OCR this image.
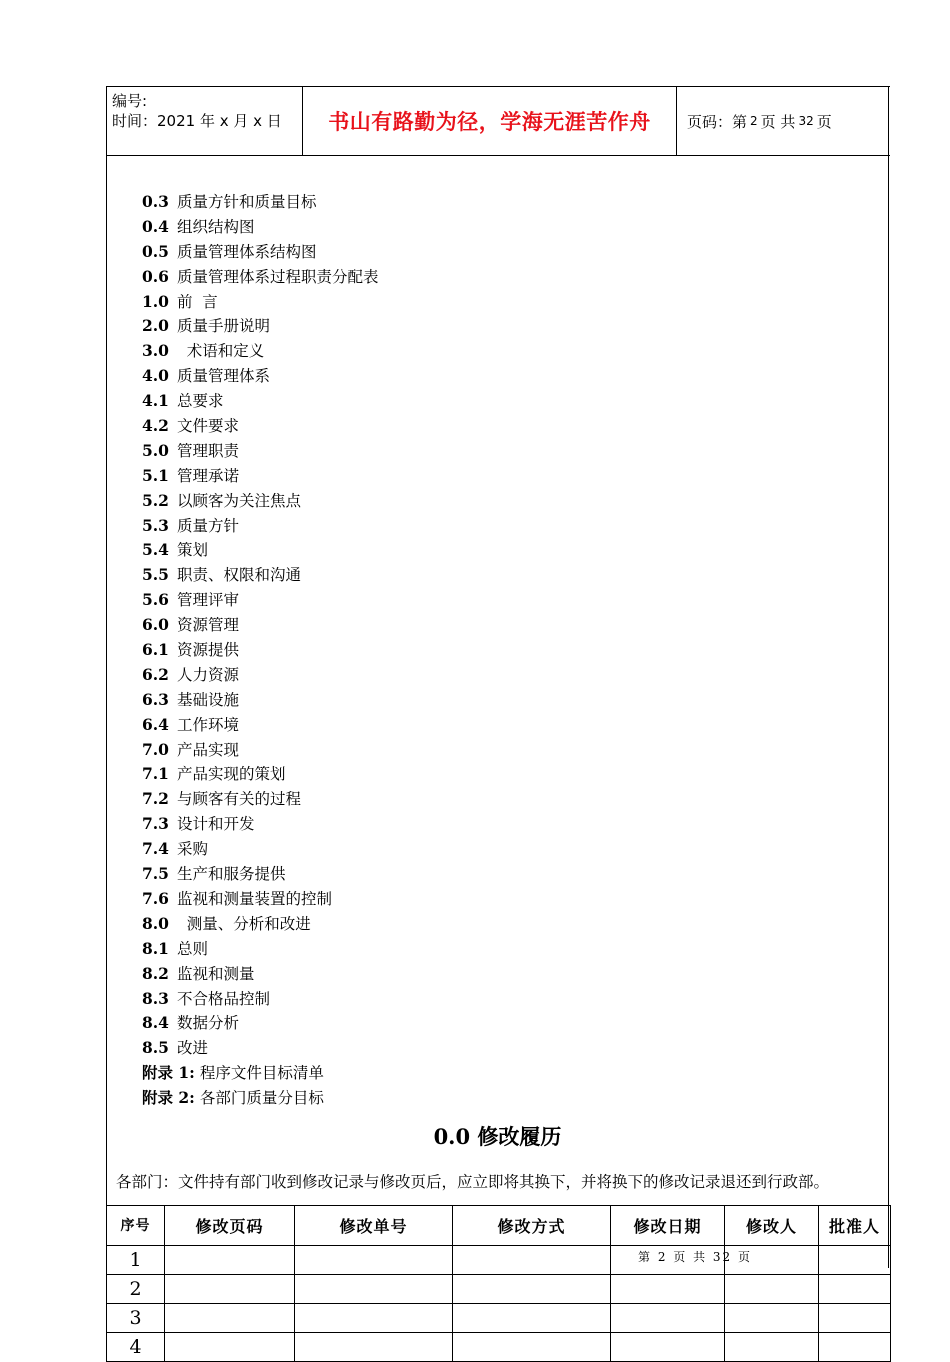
编号:
时间：2021 年 x 月 x 日	书山有路勤为径，学海无涯苦作舟	页码：第 2 页 共 32 页
0.3 质量方针和质量目标
0.4 组织结构图
0.5 质量管理体系结构图
0.6 质量管理体系过程职责分配表
1.0 前  言
2.0 质量手册说明
3.0   术语和定义
4.0 质量管理体系
4.1 总要求
4.2 文件要求
5.0 管理职责
5.1 管理承诺
5.2 以顾客为关注焦点
5.3 质量方针
5.4 策划
5.5 职责、权限和沟通
5.6 管理评审
6.0 资源管理
6.1 资源提供
6.2 人力资源
6.3 基础设施
6.4 工作环境
7.0 产品实现
7.1 产品实现的策划
7.2 与顾客有关的过程
7.3 设计和开发
7.4 采购
7.5 生产和服务提供
7.6 监视和测量装置的控制
8.0   测量、分析和改进
8.1 总则
8.2 监视和测量
8.3 不合格品控制
8.4 数据分析
8.5 改进
附录 1: 程序文件目标清单
附录 2: 各部门质量分目标
0.0 修改履历
各部门：文件持有部门收到修改记录与修改页后，应立即将其换下，并将换下的修改记录退还到行政部。
序号	修改页码	修改单号	修改方式	修改日期	修改人	批准人
1						
2						
3						
4						
第 2 页 共 32 页
